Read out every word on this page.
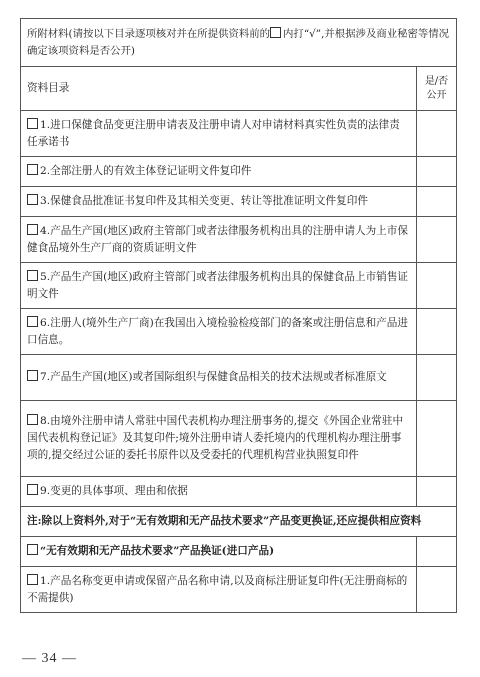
所附材料(请按以下目录逐项核对并在所提供资料前的 内打“√”,并根据涉及商业秘密等情况确定该项资料是否公开)	
资料目录	是/否公开
1.进口保健食品变更注册申请表及注册申请人对申请材料真实性负责的法律责任承诺书	
2.全部注册人的有效主体登记证明文件复印件	
3.保健食品批准证书复印件及其相关变更、转让等批准证明文件复印件	
4.产品生产国(地区)政府主管部门或者法律服务机构出具的注册申请人为上市保健食品境外生产厂商的资质证明文件	
5.产品生产国(地区)政府主管部门或者法律服务机构出具的保健食品上市销售证明文件	
6.注册人(境外生产厂商)在我国出入境检验检疫部门的备案或注册信息和产品进口信息。	
7.产品生产国(地区)或者国际组织与保健食品相关的技术法规或者标准原文	
8.由境外注册申请人常驻中国代表机构办理注册事务的,提交《外国企业常驻中国代表机构登记证》及其复印件;境外注册申请人委托境内的代理机构办理注册事项的,提交经过公证的委托书原件以及受委托的代理机构营业执照复印件	
9.变更的具体事项、理由和依据	
注:除以上资料外,对于“无有效期和无产品技术要求”产品变更换证,还应提供相应资料	
“无有效期和无产品技术要求”产品换证(进口产品)	
1.产品名称变更申请或保留产品名称申请,以及商标注册证复印件(无注册商标的不需提供)	
— 34 —
